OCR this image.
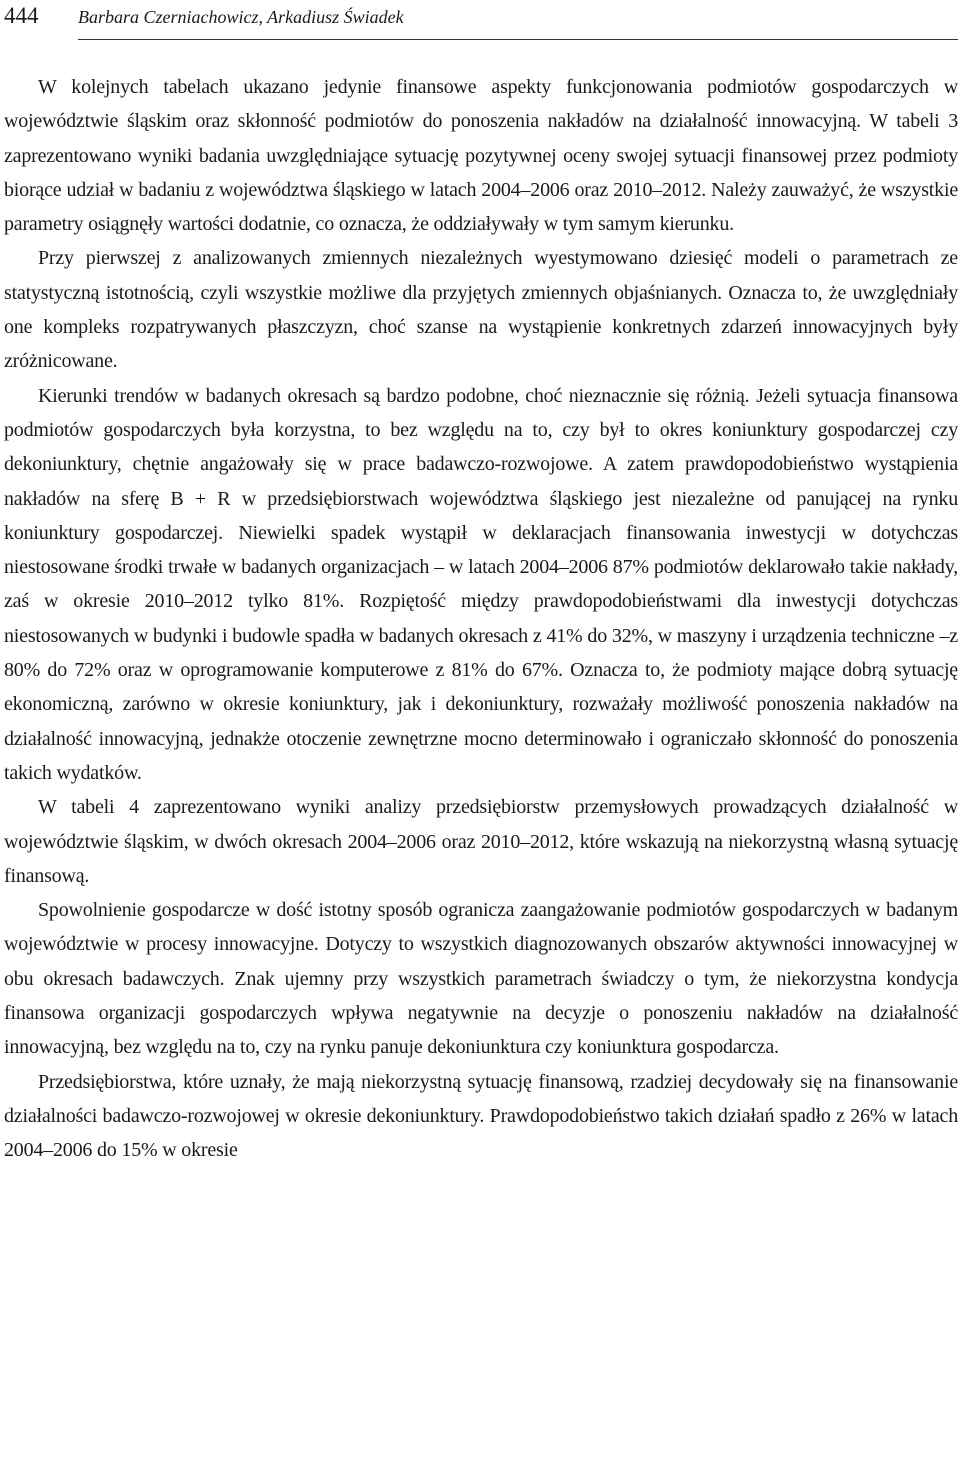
444 Barbara Czerniachowicz, Arkadiusz Świadek

W kolejnych tabelach ukazano jedynie finansowe aspekty funkcjonowania podmiotów gospodarczych w województwie śląskim oraz skłonność podmiotów do ponoszenia nakładów na działalność innowacyjną. W tabeli 3 zaprezentowano wyniki badania uwzględniające sytuację pozytywnej oceny swojej sytuacji finansowej przez podmioty biorące udział w badaniu z województwa śląskiego w latach 2004–2006 oraz 2010–2012. Należy zauważyć, że wszystkie parametry osiągnęły wartości dodatnie, co oznacza, że oddziaływały w tym samym kierunku.

Przy pierwszej z analizowanych zmiennych niezależnych wyestymowano dziesięć modeli o parametrach ze statystyczną istotnością, czyli wszystkie możliwe dla przyjętych zmiennych objaśnianych. Oznacza to, że uwzględniały one kompleks rozpatrywanych płaszczyzn, choć szanse na wystąpienie konkretnych zdarzeń innowacyjnych były zróżnicowane.

Kierunki trendów w badanych okresach są bardzo podobne, choć nieznacznie się różnią. Jeżeli sytuacja finansowa podmiotów gospodarczych była korzystna, to bez względu na to, czy był to okres koniunktury gospodarczej czy dekoniunktury, chętnie angażowały się w prace badawczo-rozwojowe. A zatem prawdopodobieństwo wystąpienia nakładów na sferę B + R w przedsiębiorstwach województwa śląskiego jest niezależne od panującej na rynku koniunktury gospodarczej. Niewielki spadek wystąpił w deklaracjach finansowania inwestycji w dotychczas niestosowane środki trwałe w badanych organizacjach – w latach 2004–2006 87% podmiotów deklarowało takie nakłady, zaś w okresie 2010–2012 tylko 81%. Rozpiętość między prawdopodobieństwami dla inwestycji dotychczas niestosowanych w budynki i budowle spadła w badanych okresach z 41% do 32%, w maszyny i urządzenia techniczne –z 80% do 72% oraz w oprogramowanie komputerowe z 81% do 67%. Oznacza to, że podmioty mające dobrą sytuację ekonomiczną, zarówno w okresie koniunktury, jak i dekoniunktury, rozważały możliwość ponoszenia nakładów na działalność innowacyjną, jednakże otoczenie zewnętrzne mocno determinowało i ograniczało skłonność do ponoszenia takich wydatków.

W tabeli 4 zaprezentowano wyniki analizy przedsiębiorstw przemysłowych prowadzących działalność w województwie śląskim, w dwóch okresach 2004–2006 oraz 2010–2012, które wskazują na niekorzystną własną sytuację finansową.

Spowolnienie gospodarcze w dość istotny sposób ogranicza zaangażowanie podmiotów gospodarczych w badanym województwie w procesy innowacyjne. Dotyczy to wszystkich diagnozowanych obszarów aktywności innowacyjnej w obu okresach badawczych. Znak ujemny przy wszystkich parametrach świadczy o tym, że niekorzystna kondycja finansowa organizacji gospodarczych wpływa negatywnie na decyzje o ponoszeniu nakładów na działalność innowacyjną, bez względu na to, czy na rynku panuje dekoniunktura czy koniunktura gospodarcza.

Przedsiębiorstwa, które uznały, że mają niekorzystną sytuację finansową, rzadziej decydowały się na finansowanie działalności badawczo-rozwojowej w okresie dekoniunktury. Prawdopodobieństwo takich działań spadło z 26% w latach 2004–2006 do 15% w okresie
